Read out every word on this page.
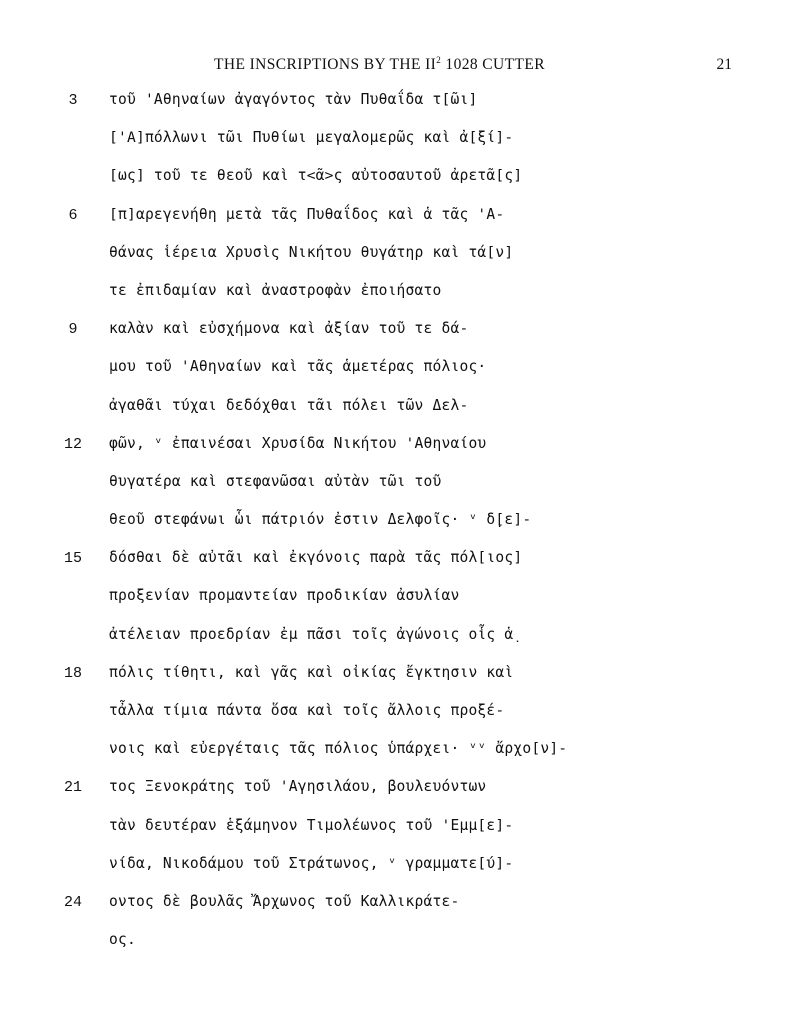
THE INSCRIPTIONS BY THE $II^2$ 1028 CUTTER	21
3	τοῦ 'Αθηναίων ἀγαγόντος τὰν Πυθαΐδα τ[ῶι]
['A]πόλλωνι τῶι Πυθίωι μεγαλομερῶς καὶ ἀ[ξί]-
[ως] τοῦ τε θεοῦ καὶ τ<ᾶ>ς αὐτοσαυτοῦ ἀρετᾶ[ς]
6	[π]αρεγενήθη μετὰ τᾶς Πυθαΐδος καὶ ἁ τᾶς 'Α-
θάνας ἱέρεια Χρυσὶς Νικήτου θυγάτηρ καὶ τά[ν]
τε ἐπιδαμίαν καὶ ἀναστροφὰν ἐποιήσατο
9	καλὰν καὶ εὐσχήμονα καὶ ἀξίαν τοῦ τε δά-
μου τοῦ 'Αθηναίων καὶ τᾶς ἁμετέρας πόλιος·
ἀγαθᾶι τύχαι δεδόχθαι τᾶι πόλει τῶν Δελ-
12	φῶν, ᵛ ἐπαινέσαι Χρυσίδα Νικήτου 'Αθηναίου
θυγατέρα καὶ στεφανῶσαι αὐτὰν τῶι τοῦ
θεοῦ στεφάνωι ὧι πάτριόν ἐστιν Δελφοῖς· ᵛ δ̣[ε]-
15	δόσθαι δὲ αὐτᾶι καὶ ἐκγόνοις παρὰ τᾶς πόλ[ιος]
προξενίαν προμαντείαν προδικίαν ἀσυλίαν
ἀτέλειαν προεδρίαν ἐμ πᾶσι τοῖς ἀγώνοις οἷς ἁ̣
18	πόλις τίθητι, καὶ γᾶς καὶ οἰκίας ἔγκτησιν καὶ
τἆλλα τίμια πάντα ὅσα καὶ τοῖς ἄλλοις προξέ-
νοις καὶ εὐεργέταις τᾶς πόλιος ὑπάρχει· ᵛᵛ ἄρχο[ν]-
21	τος Ξενοκράτης τοῦ 'Αγησιλάου, βουλευόντων
τὰν δευτέραν ἑξάμηνον Τιμολέωνος τοῦ 'Εμμ[ε]-
νίδα, Νικοδάμου τοῦ Στράτωνος, ᵛ γραμματε[ύ]-
24	οντος δὲ βουλᾶς Ἄρχωνος τοῦ Καλλικράτε-
ος.
